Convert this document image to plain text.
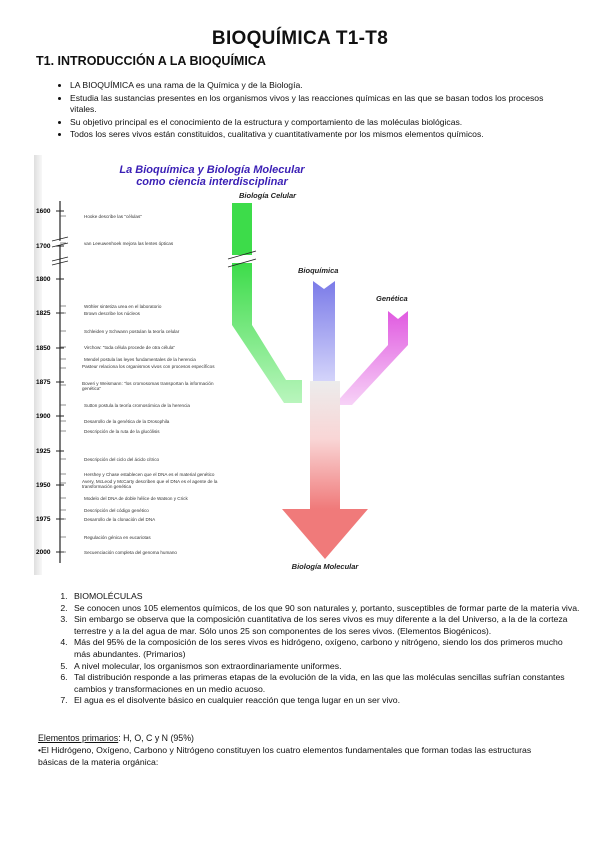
BIOQUÍMICA T1-T8
T1. INTRODUCCIÓN A LA BIOQUÍMICA
• LA BIOQUÍMICA es una rama de la Química y de la Biología.
• Estudia las sustancias presentes en los organismos vivos y las reacciones químicas en las que se basan todos los procesos vitales.
• Su objetivo principal es el conocimiento de la estructura y comportamiento de las moléculas biológicas.
• Todos los seres vivos están constituidos, cualitativa y cuantitativamente por los mismos elementos químicos.
La Bioquímica y Biología Molecular
como ciencia interdisciplinar
1600
1700
1800
1825
1850
1875
1900
1925
1950
1975
2000
Hooke describe las "células"
van Leeuwenhoek mejora las lentes ópticas
Wöhler sintetiza urea en el laboratorio
Brown describe los núcleos
Schleiden y Schwann postulan la teoría celular
Virchow: "toda célula procede de otra célula"
Mendel postula las leyes fundamentales de la herencia
Pasteur relaciona los organismos vivos con procesos específicos
Boveri y Weismann: "los cromosomas transportan la información genética"
Sutton postula la teoría cromosómica de la herencia
Desarrollo de la genética de la Drosophila
Descripción de la ruta de la glucólisis
Descripción del ciclo del ácido cítrico
Hershey y Chase establecen que el DNA es el material genético
Avery, McLeod y McCarty describen que el DNA es el agente de la transformación genética
Modelo del DNA de doble hélice de Watson y Crick
Descripción del código genético
Desarrollo de la clonación del DNA
Regulación génica en eucariotas
Secuenciación completa del genoma humano
Biología Celular
Bioquímica
Genética
Biología Molecular
1. BIOMOLÉCULAS
2. Se conocen unos 105 elementos químicos, de los que 90 son naturales y, portanto, susceptibles de formar parte de la materia viva.
3. Sin embargo se observa que la composición cuantitativa de los seres vivos es muy diferente a la del Universo, a la de la corteza terrestre y a la del agua de mar. Sólo unos 25 son componentes de los seres vivos. (Elementos Biogénicos).
4. Más del 95% de la composición de los seres vivos es hidrógeno, oxígeno, carbono y nitrógeno, siendo los dos primeros mucho más abundantes. (Primarios)
5. A nivel molecular, los organismos son extraordinariamente uniformes.
6. Tal distribución responde a las primeras etapas de la evolución de la vida, en las que las moléculas sencillas sufrían constantes cambios y transformaciones en un medio acuoso.
7. El agua es el disolvente básico en cualquier reacción que tenga lugar en un ser vivo.
Elementos primarios: H, O, C y N (95%)
•El Hidrógeno, Oxígeno, Carbono y Nitrógeno constituyen los cuatro elementos fundamentales que forman todas las estructuras básicas de la materia orgánica:
